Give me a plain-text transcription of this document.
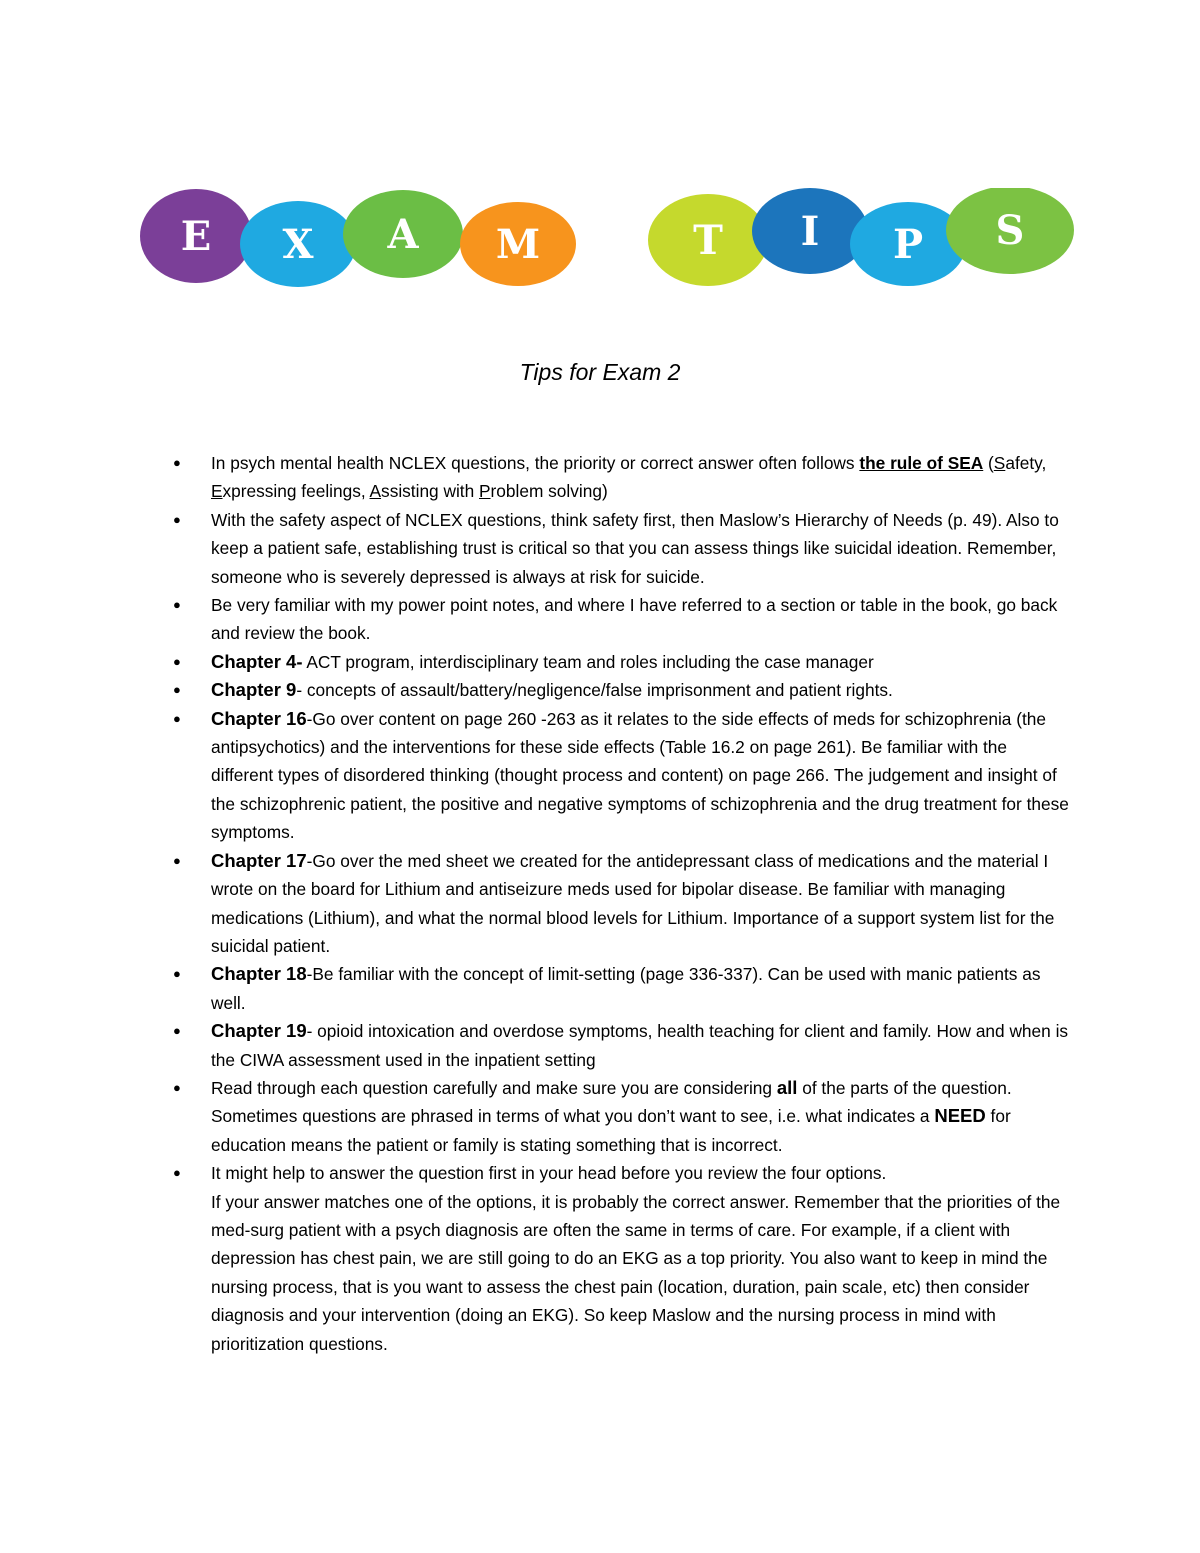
E X A M	T I P S
Tips for Exam 2
● In psych mental health NCLEX questions, the priority or correct answer often follows the rule of SEA (Safety, Expressing feelings, Assisting with Problem solving)
● With the safety aspect of NCLEX questions, think safety first, then Maslow’s Hierarchy of Needs (p. 49). Also to keep a patient safe, establishing trust is critical so that you can assess things like suicidal ideation. Remember, someone who is severely depressed is always at risk for suicide.
● Be very familiar with my power point notes, and where I have referred to a section or table in the book, go back and review the book.
● Chapter 4- ACT program, interdisciplinary team and roles including the case manager
● Chapter 9- concepts of assault/battery/negligence/false imprisonment and patient rights.
● Chapter 16-Go over content on page 260 -263 as it relates to the side effects of meds for schizophrenia (the antipsychotics) and the interventions for these side effects (Table 16.2 on page 261). Be familiar with the different types of disordered thinking (thought process and content) on page 266. The judgement and insight of the schizophrenic patient, the positive and negative symptoms of schizophrenia and the drug treatment for these symptoms.
● Chapter 17-Go over the med sheet we created for the antidepressant class of medications and the material I wrote on the board for Lithium and antiseizure meds used for bipolar disease. Be familiar with managing medications (Lithium), and what the normal blood levels for Lithium. Importance of a support system list for the suicidal patient.
● Chapter 18-Be familiar with the concept of limit-setting (page 336-337). Can be used with manic patients as well.
● Chapter 19- opioid intoxication and overdose symptoms, health teaching for client and family. How and when is the CIWA assessment used in the inpatient setting
● Read through each question carefully and make sure you are considering all of the parts of the question. Sometimes questions are phrased in terms of what you don’t want to see, i.e. what indicates a NEED for education means the patient or family is stating something that is incorrect.
● It might help to answer the question first in your head before you review the four options.
If your answer matches one of the options, it is probably the correct answer. Remember that the priorities of the med-surg patient with a psych diagnosis are often the same in terms of care. For example, if a client with depression has chest pain, we are still going to do an EKG as a top priority. You also want to keep in mind the nursing process, that is you want to assess the chest pain (location, duration, pain scale, etc) then consider diagnosis and your intervention (doing an EKG). So keep Maslow and the nursing process in mind with prioritization questions.
